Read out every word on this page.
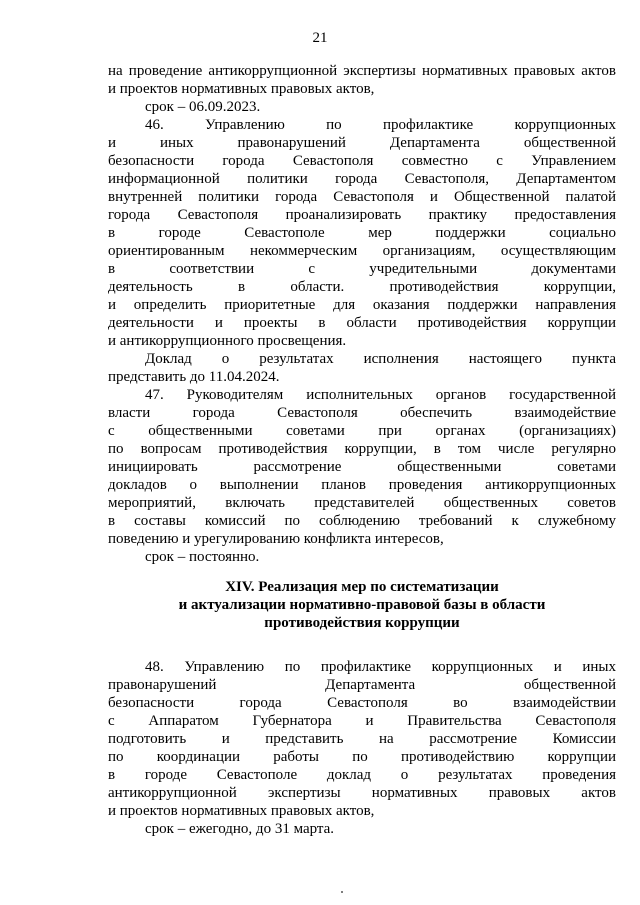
21

на проведение антикоррупционной экспертизы нормативных правовых актов

и проектов нормативных правовых актов,

срок – 06.09.2023.

46. Управлению по профилактике коррупционных

и иных правонарушений Департамента общественной

безопасности города Севастополя совместно с Управлением

информационной политики города Севастополя, Департаментом

внутренней политики города Севастополя и Общественной палатой

города Севастополя проанализировать практику предоставления

в городе Севастополе мер поддержки социально

ориентированным некоммерческим организациям, осуществляющим

в соответствии с учредительными документами

деятельность в области. противодействия коррупции,

и определить приоритетные для оказания поддержки направления

деятельности и проекты в области противодействия коррупции

и антикоррупционного просвещения.

Доклад о результатах исполнения настоящего пункта

представить до 11.04.2024.

47. Руководителям исполнительных органов государственной

власти города Севастополя обеспечить взаимодействие

с общественными советами при органах (организациях)

по вопросам противодействия коррупции, в том числе регулярно

инициировать рассмотрение общественными советами

докладов о выполнении планов проведения антикоррупционных

мероприятий, включать представителей общественных советов

в составы комиссий по соблюдению требований к служебному

поведению и урегулированию конфликта интересов,

срок – постоянно.

XIV. Реализация мер по систематизации

и актуализации нормативно-правовой базы в области

противодействия коррупции

48. Управлению по профилактике коррупционных и иных

правонарушений Департамента общественной

безопасности города Севастополя во взаимодействии

с Аппаратом Губернатора и Правительства Севастополя

подготовить и представить на рассмотрение Комиссии

по координации работы по противодействию коррупции

в городе Севастополе доклад о результатах проведения

антикоррупционной экспертизы нормативных правовых актов

и проектов нормативных правовых актов,

срок – ежегодно, до 31 марта.
